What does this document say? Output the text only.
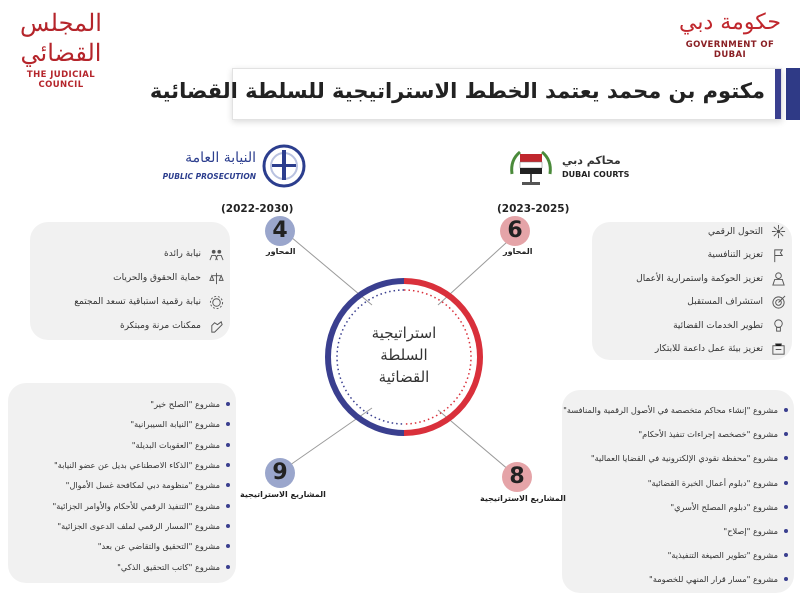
المجلس القضائي
THE JUDICIAL COUNCIL
حكومة دبي
GOVERNMENT OF DUBAI
مكتوم بن محمد يعتمد الخطط الاستراتيجية للسلطة القضائية
استراتيجية
السلطة
القضائية
النيابة العامة
PUBLIC PROSECUTION
محاكم دبي
DUBAI COURTS
(2022-2030)	(2023-2025)
نيابة رائدة
حماية الحقوق والحريات
نيابة رقمية استباقية تسعد المجتمع
ممكنات مرنة ومبتكرة
التحول الرقمي
تعزيز التنافسية
تعزيز الحوكمة واستمرارية الأعمال
استشراف المستقبل
تطوير الخدمات القضائية
تعزيز بيئة عمل داعمة للابتكار
مشروع "الصلح خير"
مشروع "النيابة السيبرانية"
مشروع "العقوبات البديلة"
مشروع "الذكاء الاصطناعي بديل عن عضو النيابة"
مشروع "منظومة دبي لمكافحة غسل الأموال"
مشروع "التنفيذ الرقمي للأحكام والأوامر الجزائية"
مشروع "المسار الرقمي لملف الدعوى الجزائية"
مشروع "التحقيق والتقاضي عن بعد"
مشروع "كاتب التحقيق الذكي"
مشروع "إنشاء محاكم متخصصة في الأصول الرقمية والمنافسة"
مشروع "خصخصة إجراءات تنفيذ الأحكام"
مشروع "محفظة نقودي الإلكترونية في القضايا العمالية"
مشروع "دبلوم أعمال الخبرة القضائية"
مشروع "دبلوم المصلح الأسري"
مشروع "إصلاح"
مشروع "تطوير الصيغة التنفيذية"
مشروع "مسار قرار المنهي للخصومة"
4
المحاور
6
المحاور
9
المشاريع الاستراتيجية
8
المشاريع الاستراتيجية
